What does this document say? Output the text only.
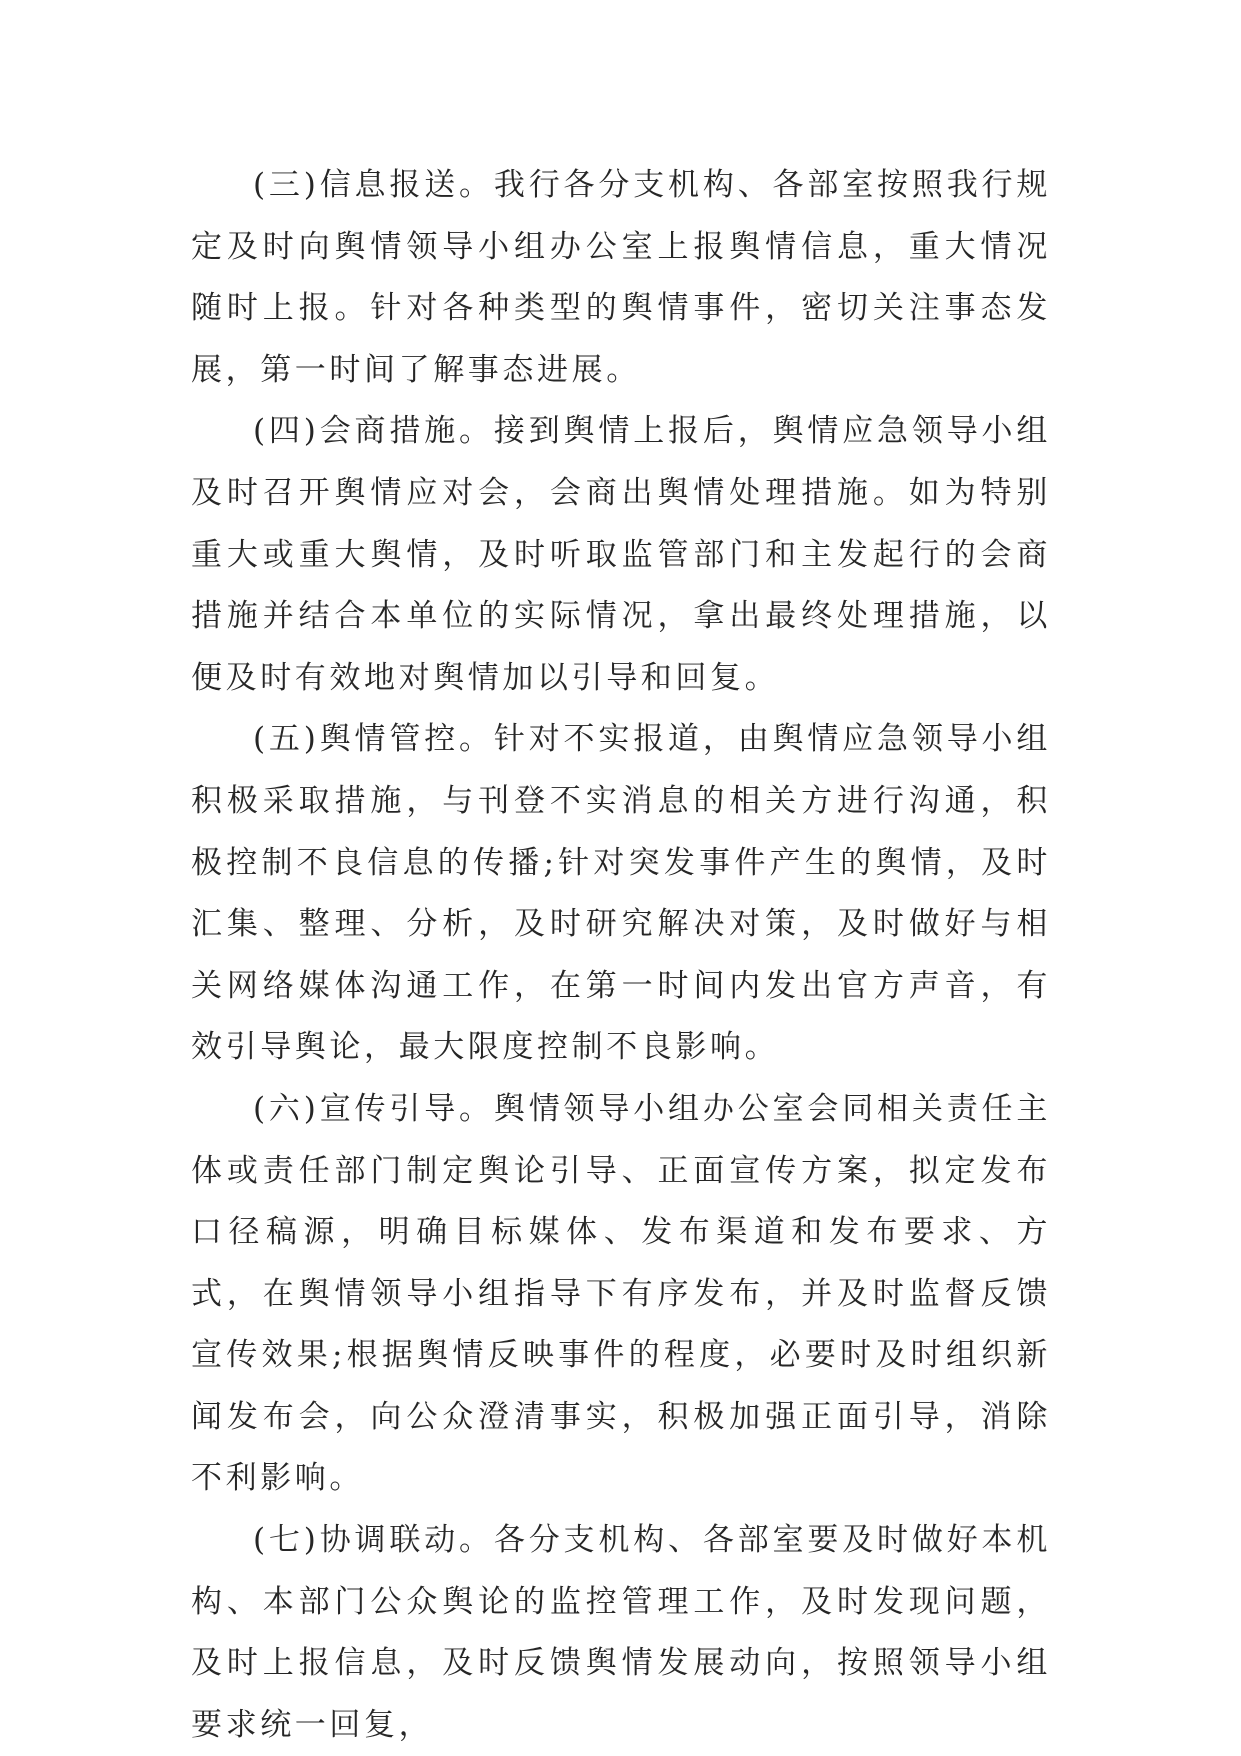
(三)信息报送。我行各分支机构、各部室按照我行规定及时向舆情领导小组办公室上报舆情信息，重大情况随时上报。针对各种类型的舆情事件，密切关注事态发展，第一时间了解事态进展。

(四)会商措施。接到舆情上报后，舆情应急领导小组及时召开舆情应对会，会商出舆情处理措施。如为特别重大或重大舆情，及时听取监管部门和主发起行的会商措施并结合本单位的实际情况，拿出最终处理措施，以便及时有效地对舆情加以引导和回复。

(五)舆情管控。针对不实报道，由舆情应急领导小组积极采取措施，与刊登不实消息的相关方进行沟通，积极控制不良信息的传播;针对突发事件产生的舆情，及时汇集、整理、分析，及时研究解决对策，及时做好与相关网络媒体沟通工作，在第一时间内发出官方声音，有效引导舆论，最大限度控制不良影响。

(六)宣传引导。舆情领导小组办公室会同相关责任主体或责任部门制定舆论引导、正面宣传方案，拟定发布口径稿源，明确目标媒体、发布渠道和发布要求、方式，在舆情领导小组指导下有序发布，并及时监督反馈宣传效果;根据舆情反映事件的程度，必要时及时组织新闻发布会，向公众澄清事实，积极加强正面引导，消除不利影响。

(七)协调联动。各分支机构、各部室要及时做好本机构、本部门公众舆论的监控管理工作，及时发现问题，及时上报信息，及时反馈舆情发展动向，按照领导小组要求统一回复，
